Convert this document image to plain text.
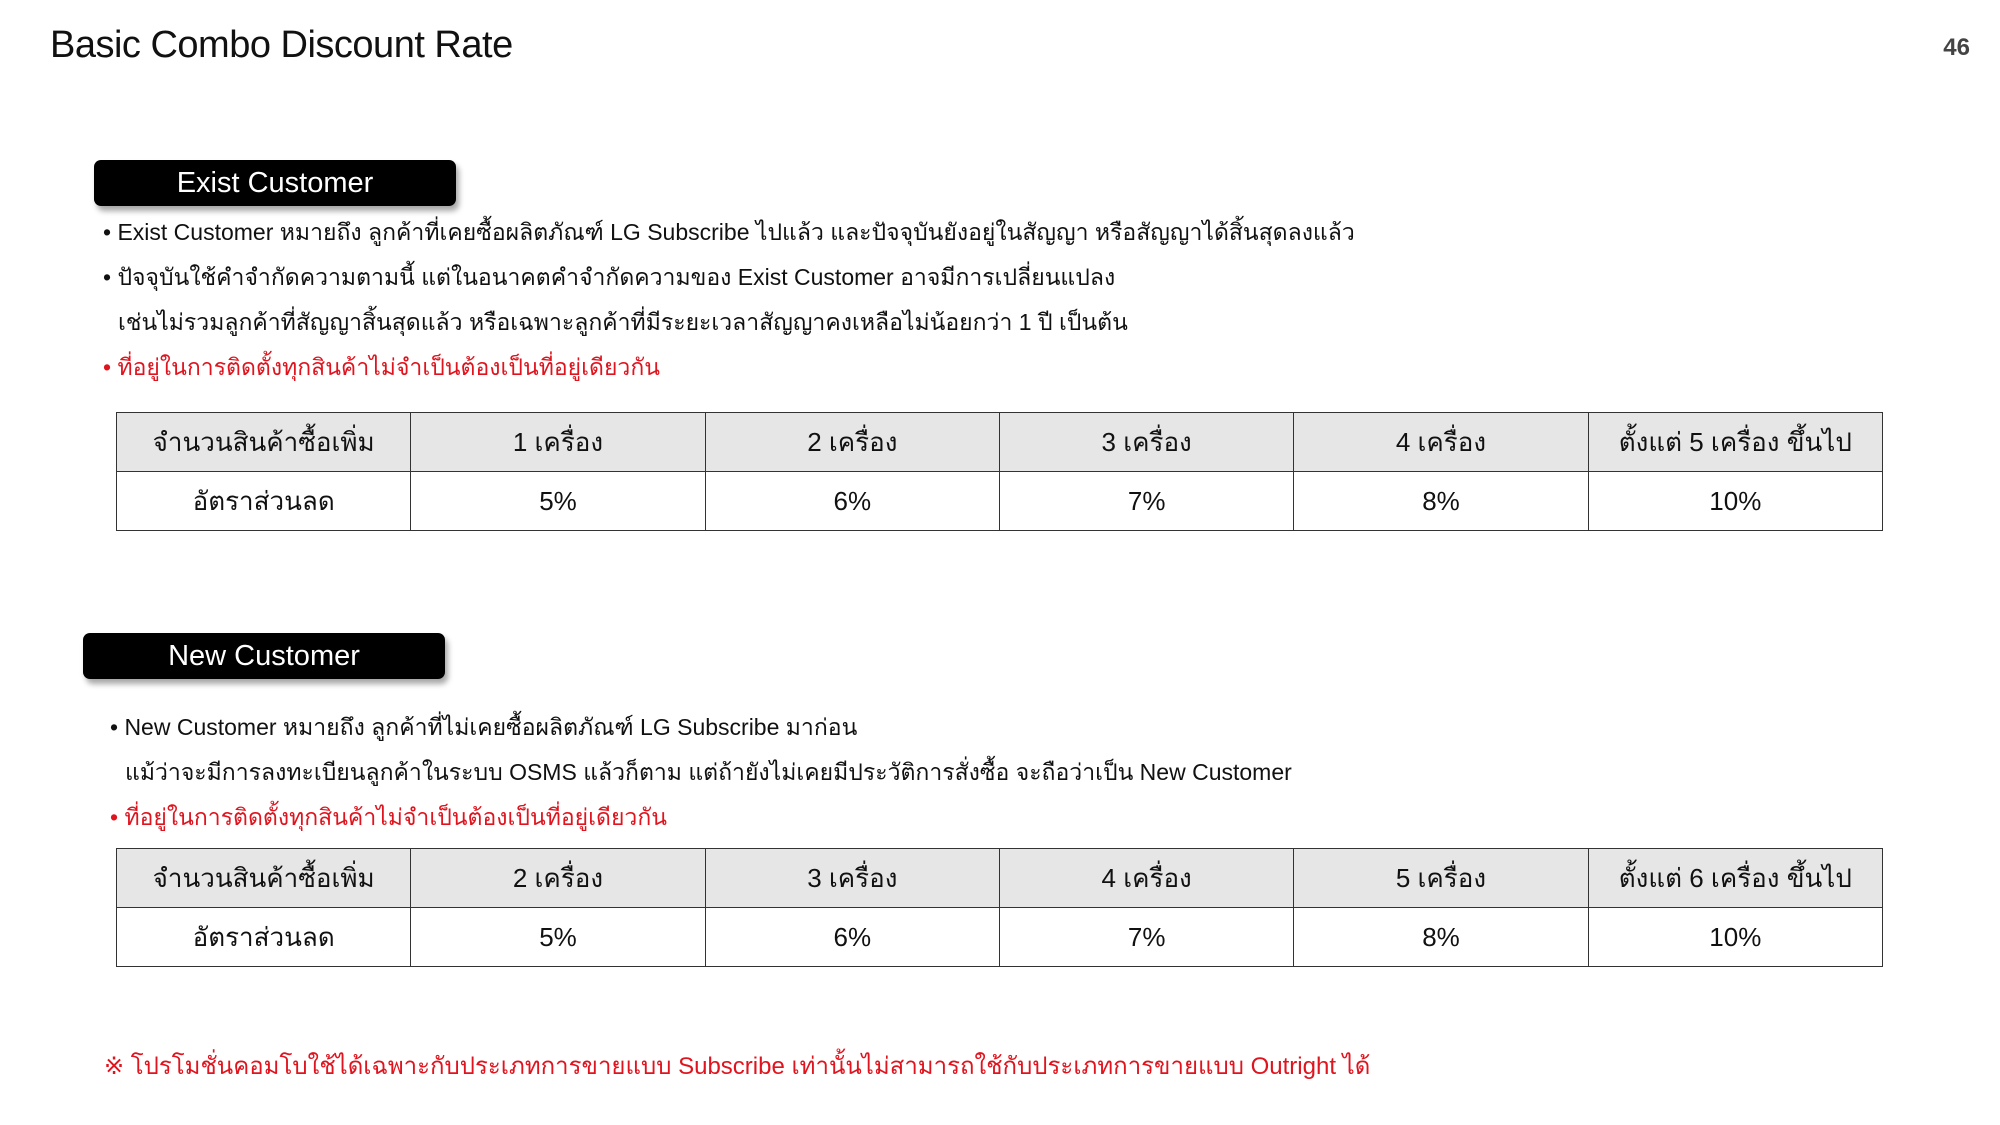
Basic Combo Discount Rate	46
Exist Customer
• Exist Customer หมายถึง ลูกค้าที่เคยซื้อผลิตภัณฑ์ LG Subscribe ไปแล้ว และปัจจุบันยังอยู่ในสัญญา หรือสัญญาได้สิ้นสุดลงแล้ว
• ปัจจุบันใช้คำจำกัดความตามนี้ แต่ในอนาคตคำจำกัดความของ Exist Customer อาจมีการเปลี่ยนแปลง
เช่นไม่รวมลูกค้าที่สัญญาสิ้นสุดแล้ว หรือเฉพาะลูกค้าที่มีระยะเวลาสัญญาคงเหลือไม่น้อยกว่า 1 ปี เป็นต้น
• ที่อยู่ในการติดตั้งทุกสินค้าไม่จำเป็นต้องเป็นที่อยู่เดียวกัน
จำนวนสินค้าซื้อเพิ่ม	1 เครื่อง	2 เครื่อง	3 เครื่อง	4 เครื่อง	ตั้งแต่ 5 เครื่อง ขึ้นไป
อัตราส่วนลด	5%	6%	7%	8%	10%
New Customer
• New Customer หมายถึง ลูกค้าที่ไม่เคยซื้อผลิตภัณฑ์ LG Subscribe มาก่อน
แม้ว่าจะมีการลงทะเบียนลูกค้าในระบบ OSMS แล้วก็ตาม แต่ถ้ายังไม่เคยมีประวัติการสั่งซื้อ จะถือว่าเป็น New Customer
• ที่อยู่ในการติดตั้งทุกสินค้าไม่จำเป็นต้องเป็นที่อยู่เดียวกัน
จำนวนสินค้าซื้อเพิ่ม	2 เครื่อง	3 เครื่อง	4 เครื่อง	5 เครื่อง	ตั้งแต่ 6 เครื่อง ขึ้นไป
อัตราส่วนลด	5%	6%	7%	8%	10%
※ โปรโมชั่นคอมโบใช้ได้เฉพาะกับประเภทการขายแบบ Subscribe เท่านั้นไม่สามารถใช้กับประเภทการขายแบบ Outright ได้
